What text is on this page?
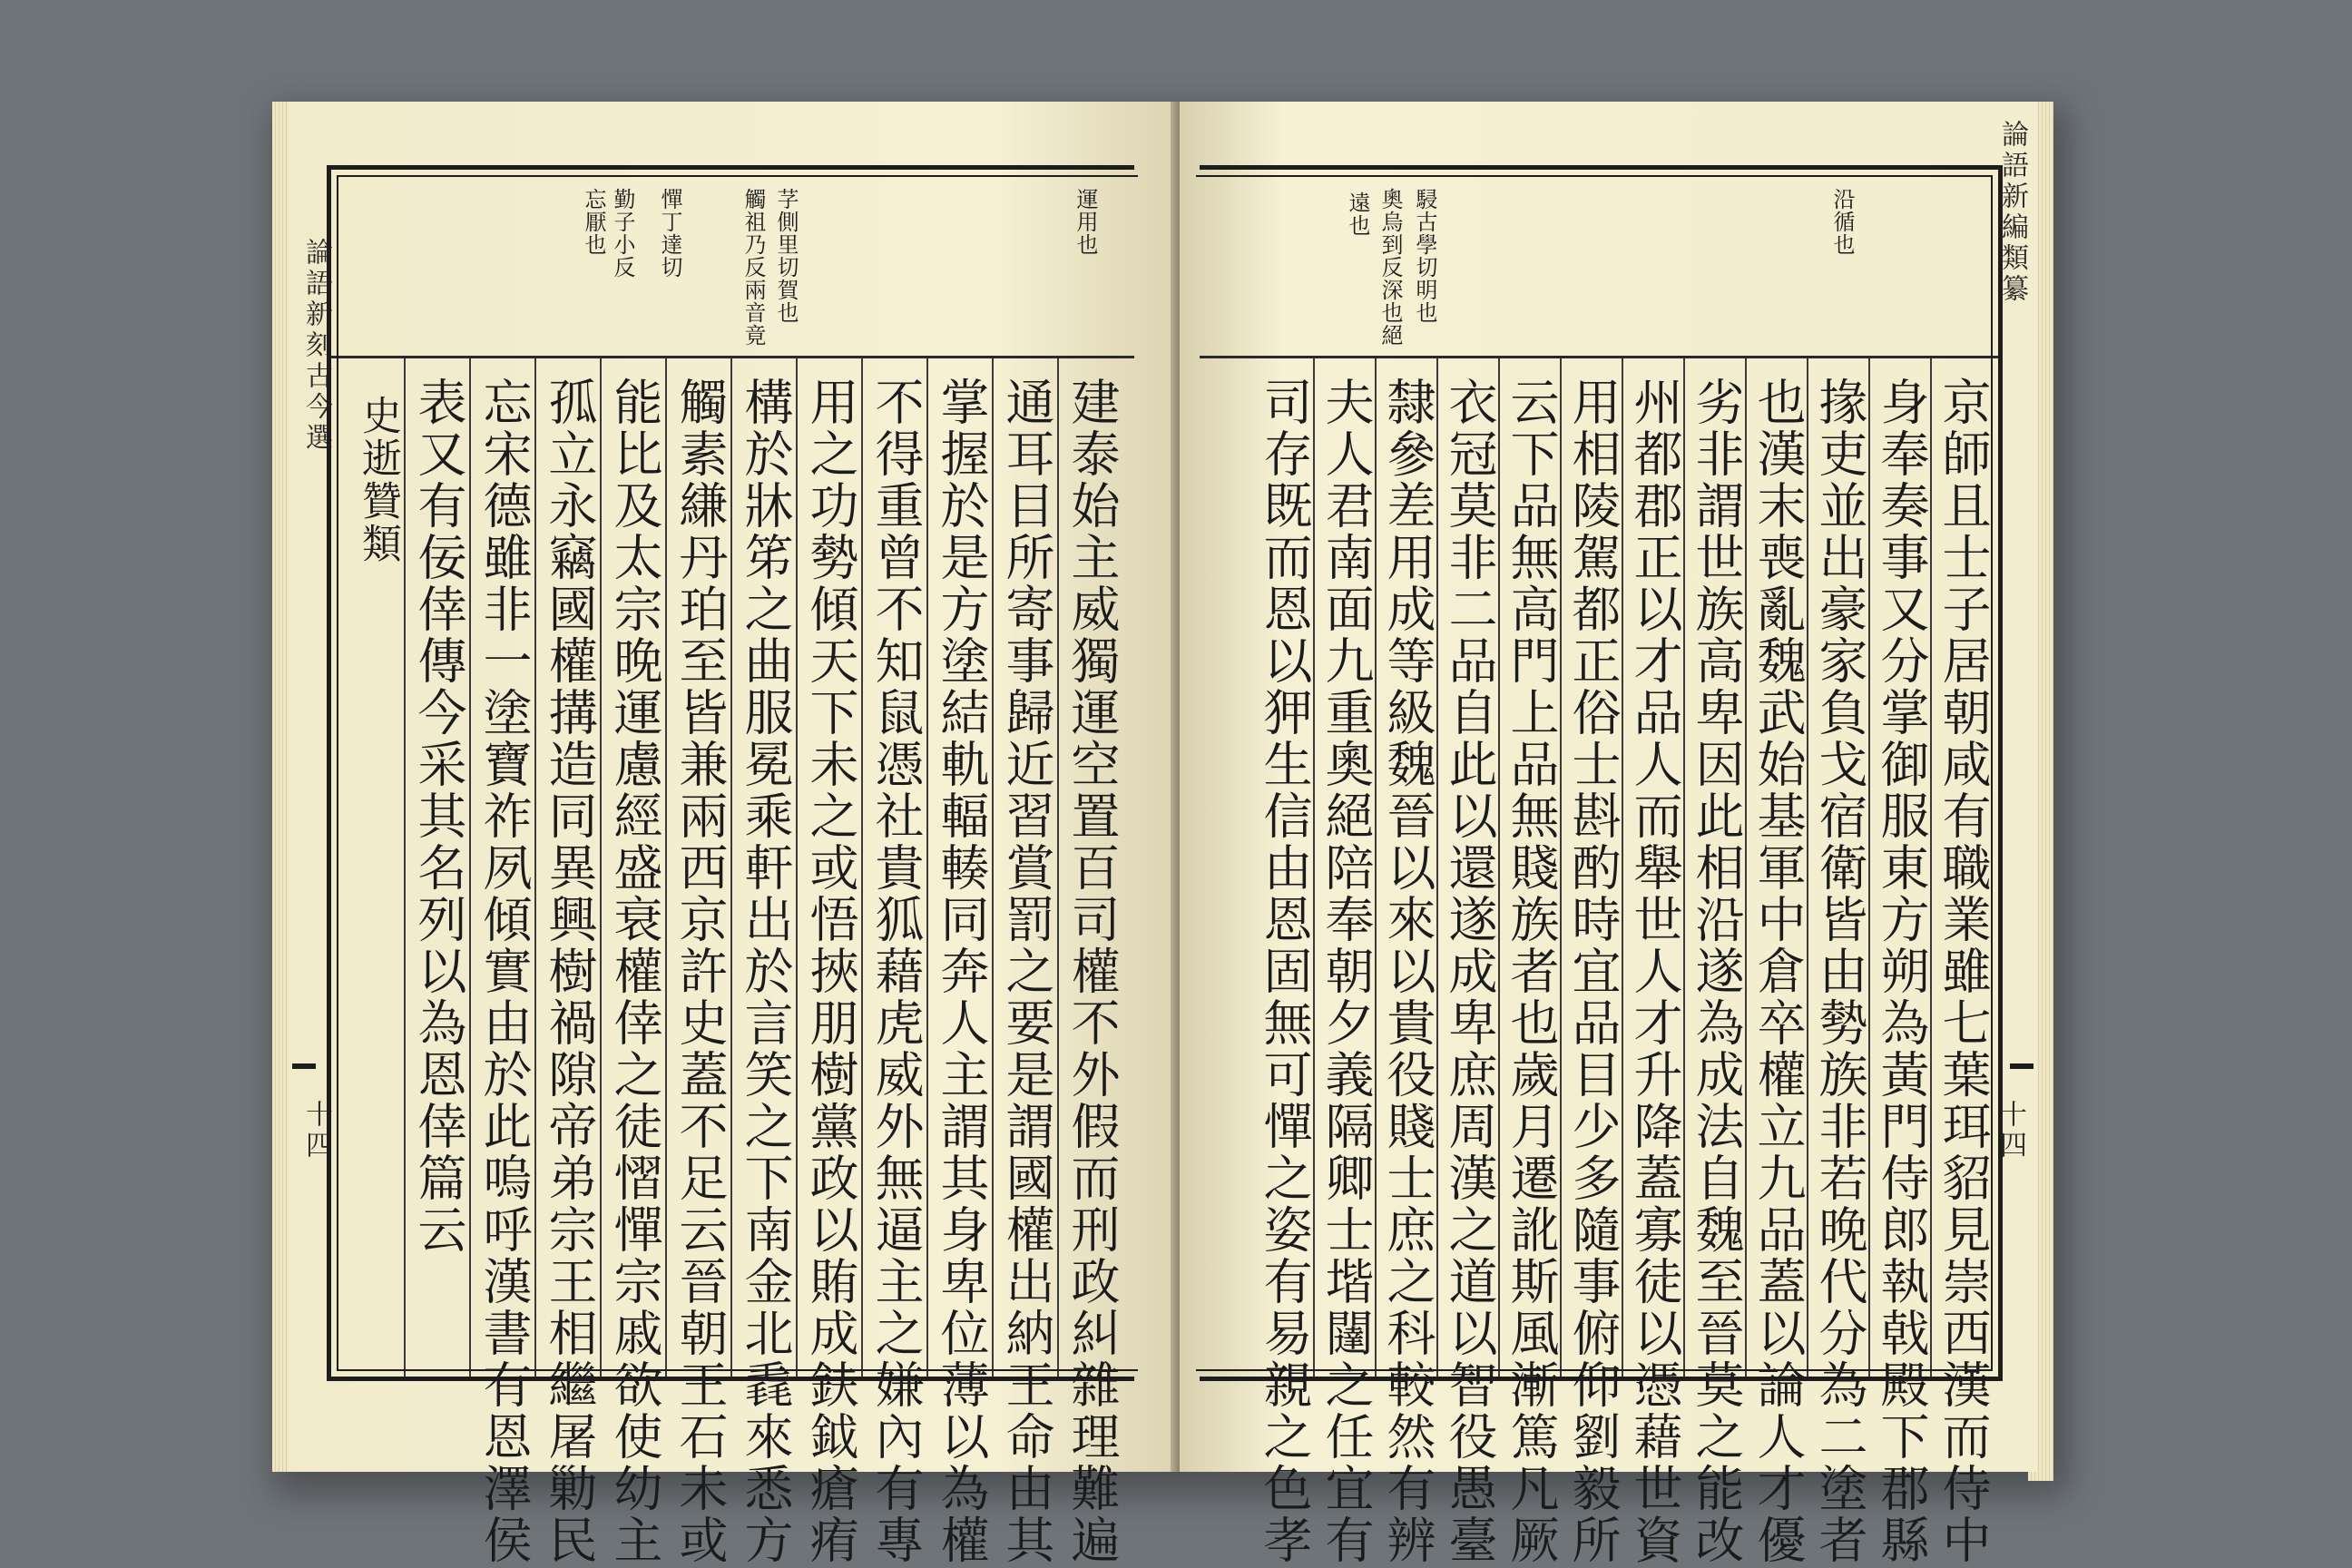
論語新刻古今選
十四
運用也
芓側里切賀也
觸祖乃反兩音竟
憚丁達切
勤子小反
忘厭也
建泰始主威獨運空置百司權不外假而刑政糾雜理難遍
通耳目所寄事歸近習賞罰之要是謂國權出納王命由其
掌握於是方塗結軌輻輳同奔人主謂其身卑位薄以為權
不得重曾不知鼠憑社貴狐藉虎威外無逼主之嫌內有專
用之功勢傾天下未之或悟挾朋樹黨政以賄成鈇鉞瘡痏
構於牀笫之曲服冕乘軒出於言笑之下南金北毳來悉方
觸素縑丹珀至皆兼兩西京許史蓋不足云晉朝王石未或
能比及太宗晚運慮經盛衰權倖之徒慴憚宗戚欲使幼主
孤立永竊國權搆造同異興樹禍隙帝弟宗王相繼屠勦民
忘宋德雖非一塗寶祚夙傾實由於此嗚呼漢書有恩澤侯
表又有佞倖傳今采其名列以為恩倖篇云
史逝贊類
沿循也
駸古學切明也
奧烏到反深也絕
遠也
京師且士子居朝咸有職業雖七葉珥貂見崇西漢而侍中
身奉奏事又分掌御服東方朔為黃門侍郎執戟殿下郡縣
掾吏並出豪家負戈宿衛皆由勢族非若晚代分為二塗者
也漢末喪亂魏武始基軍中倉卒權立九品蓋以論人才優
劣非謂世族高卑因此相沿遂為成法自魏至晉莫之能改
州都郡正以才品人而舉世人才升降蓋寡徒以憑藉世資
用相陵駕都正俗士斟酌時宜品目少多隨事俯仰劉毅所
云下品無高門上品無賤族者也歲月遷訛斯風漸篤凡厥
衣冠莫非二品自此以還遂成卑庶周漢之道以智役愚臺
隸參差用成等級魏晉以來以貴役賤士庶之科較然有辨
夫人君南面九重奧絕陪奉朝夕義隔卿士堦闥之任宜有
司存既而恩以狎生信由恩固無可憚之姿有易親之色孝
論語新編類纂
十四
